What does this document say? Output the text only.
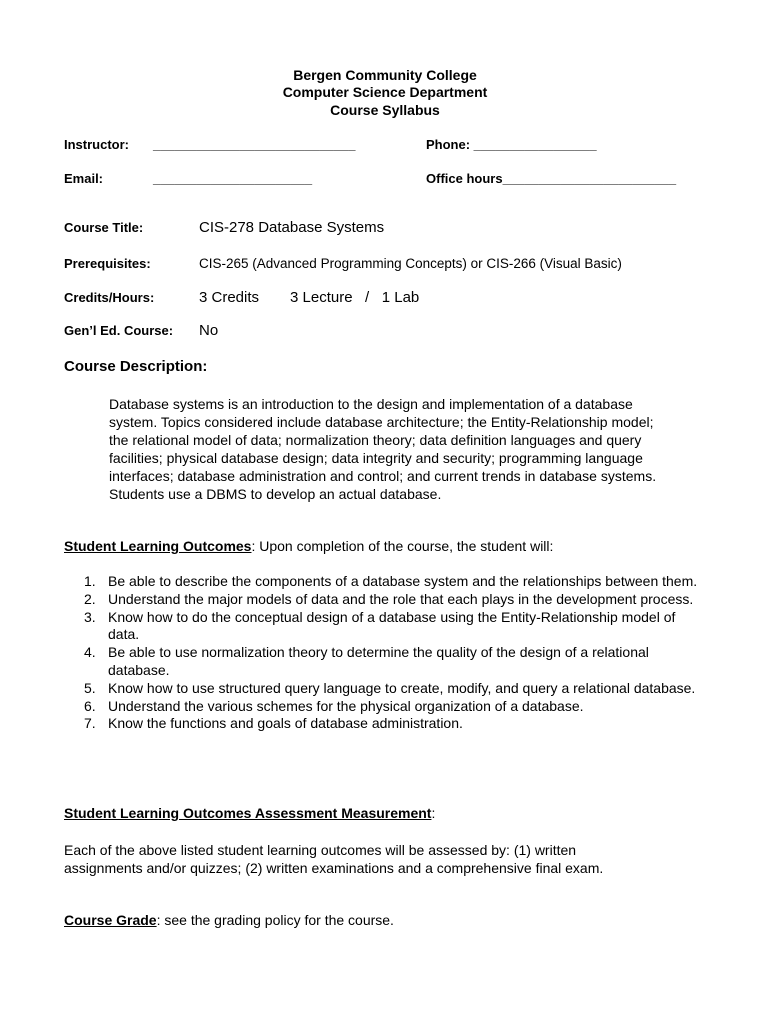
Bergen Community College
Computer Science Department
Course Syllabus
Instructor: ____________________________	Phone: _________________
Email:	______________________	Office hours________________________
Course Title:	CIS-278 Database Systems
Prerequisites:	CIS-265 (Advanced Programming Concepts) or CIS-266 (Visual Basic)
Credits/Hours:	3 Credits 3 Lecture   /   1 Lab
Gen’l Ed. Course: No
Course Description:
Database systems is an introduction to the design and implementation of a database
system. Topics considered include database architecture; the Entity-Relationship model;
the relational model of data; normalization theory; data definition languages and query
facilities; physical database design; data integrity and security; programming language
interfaces; database administration and control; and current trends in database systems.
Students use a DBMS to develop an actual database.
Student Learning Outcomes: Upon completion of the course, the student will:
1. Be able to describe the components of a database system and the relationships between them.
2. Understand the major models of data and the role that each plays in the development process.
3. Know how to do the conceptual design of a database using the Entity-Relationship model of data.
4. Be able to use normalization theory to determine the quality of the design of a relational database.
5. Know how to use structured query language to create, modify, and query a relational database.
6. Understand the various schemes for the physical organization of a database.
7. Know the functions and goals of database administration.
Student Learning Outcomes Assessment Measurement:
Each of the above listed student learning outcomes will be assessed by: (1) written
assignments and/or quizzes; (2) written examinations and a comprehensive final exam.
Course Grade: see the grading policy for the course.
